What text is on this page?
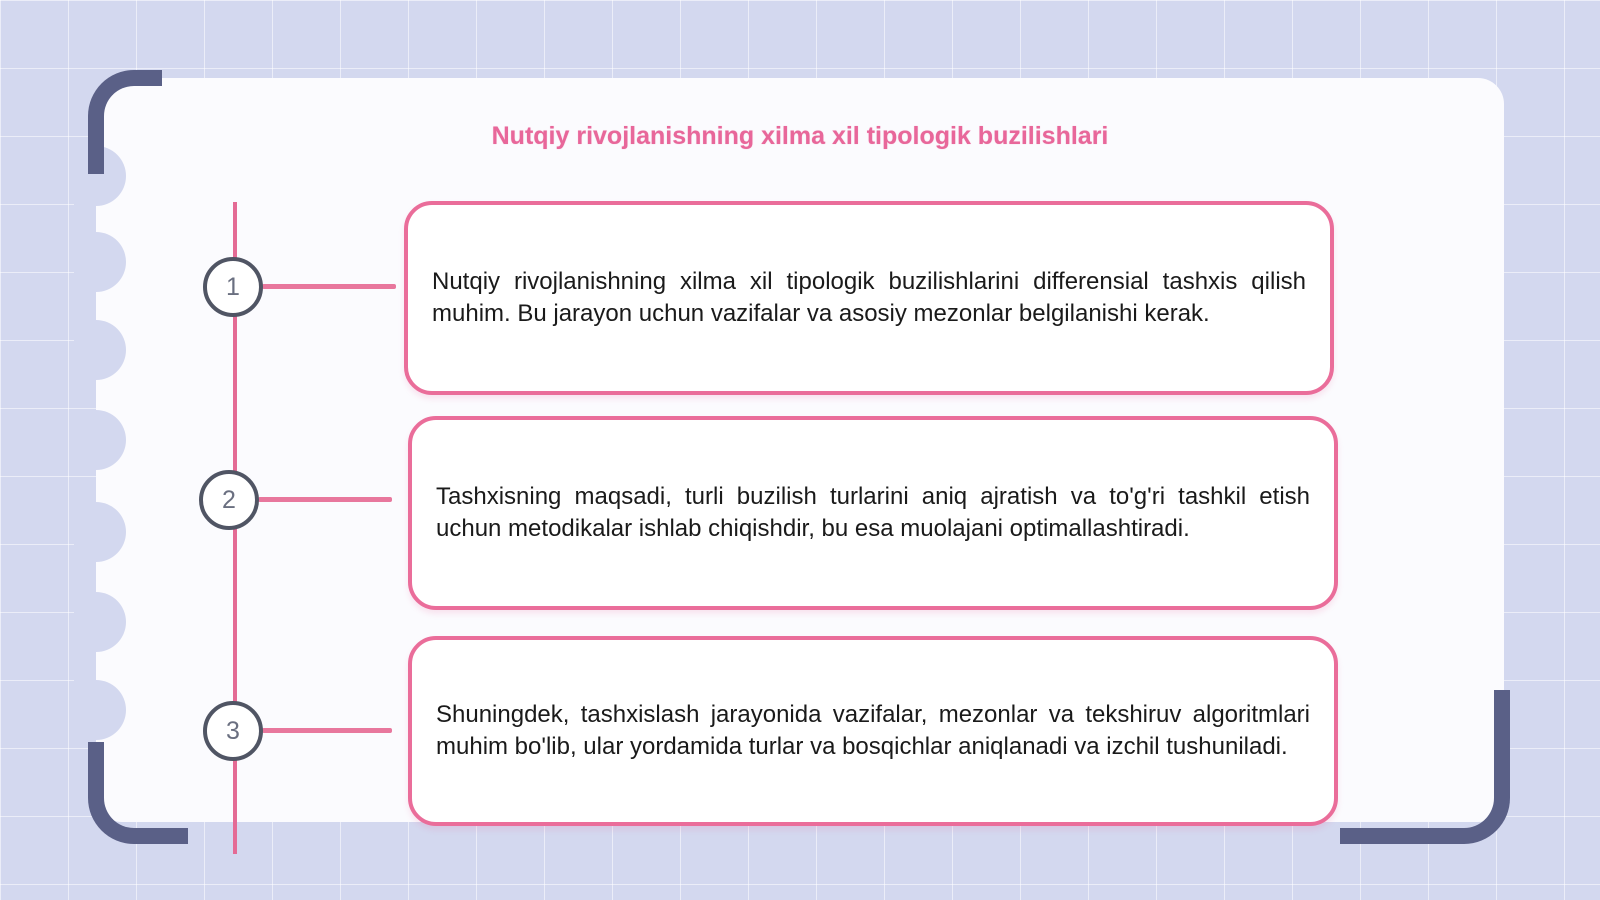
Nutqiy rivojlanishning xilma xil tipologik buzilishlari
1
2
3

Nutqiy rivojlanishning xilma xil tipologik buzilishlarini differensial tashxis qilish muhim. Bu jarayon uchun vazifalar va asosiy mezonlar belgilanishi kerak.

Tashxisning maqsadi, turli buzilish turlarini aniq ajratish va to'g'ri tashkil etish uchun metodikalar ishlab chiqishdir, bu esa muolajani optimallashtiradi.

Shuningdek, tashxislash jarayonida vazifalar, mezonlar va tekshiruv algoritmlari muhim bo'lib, ular yordamida turlar va bosqichlar aniqlanadi va izchil tushuniladi.
